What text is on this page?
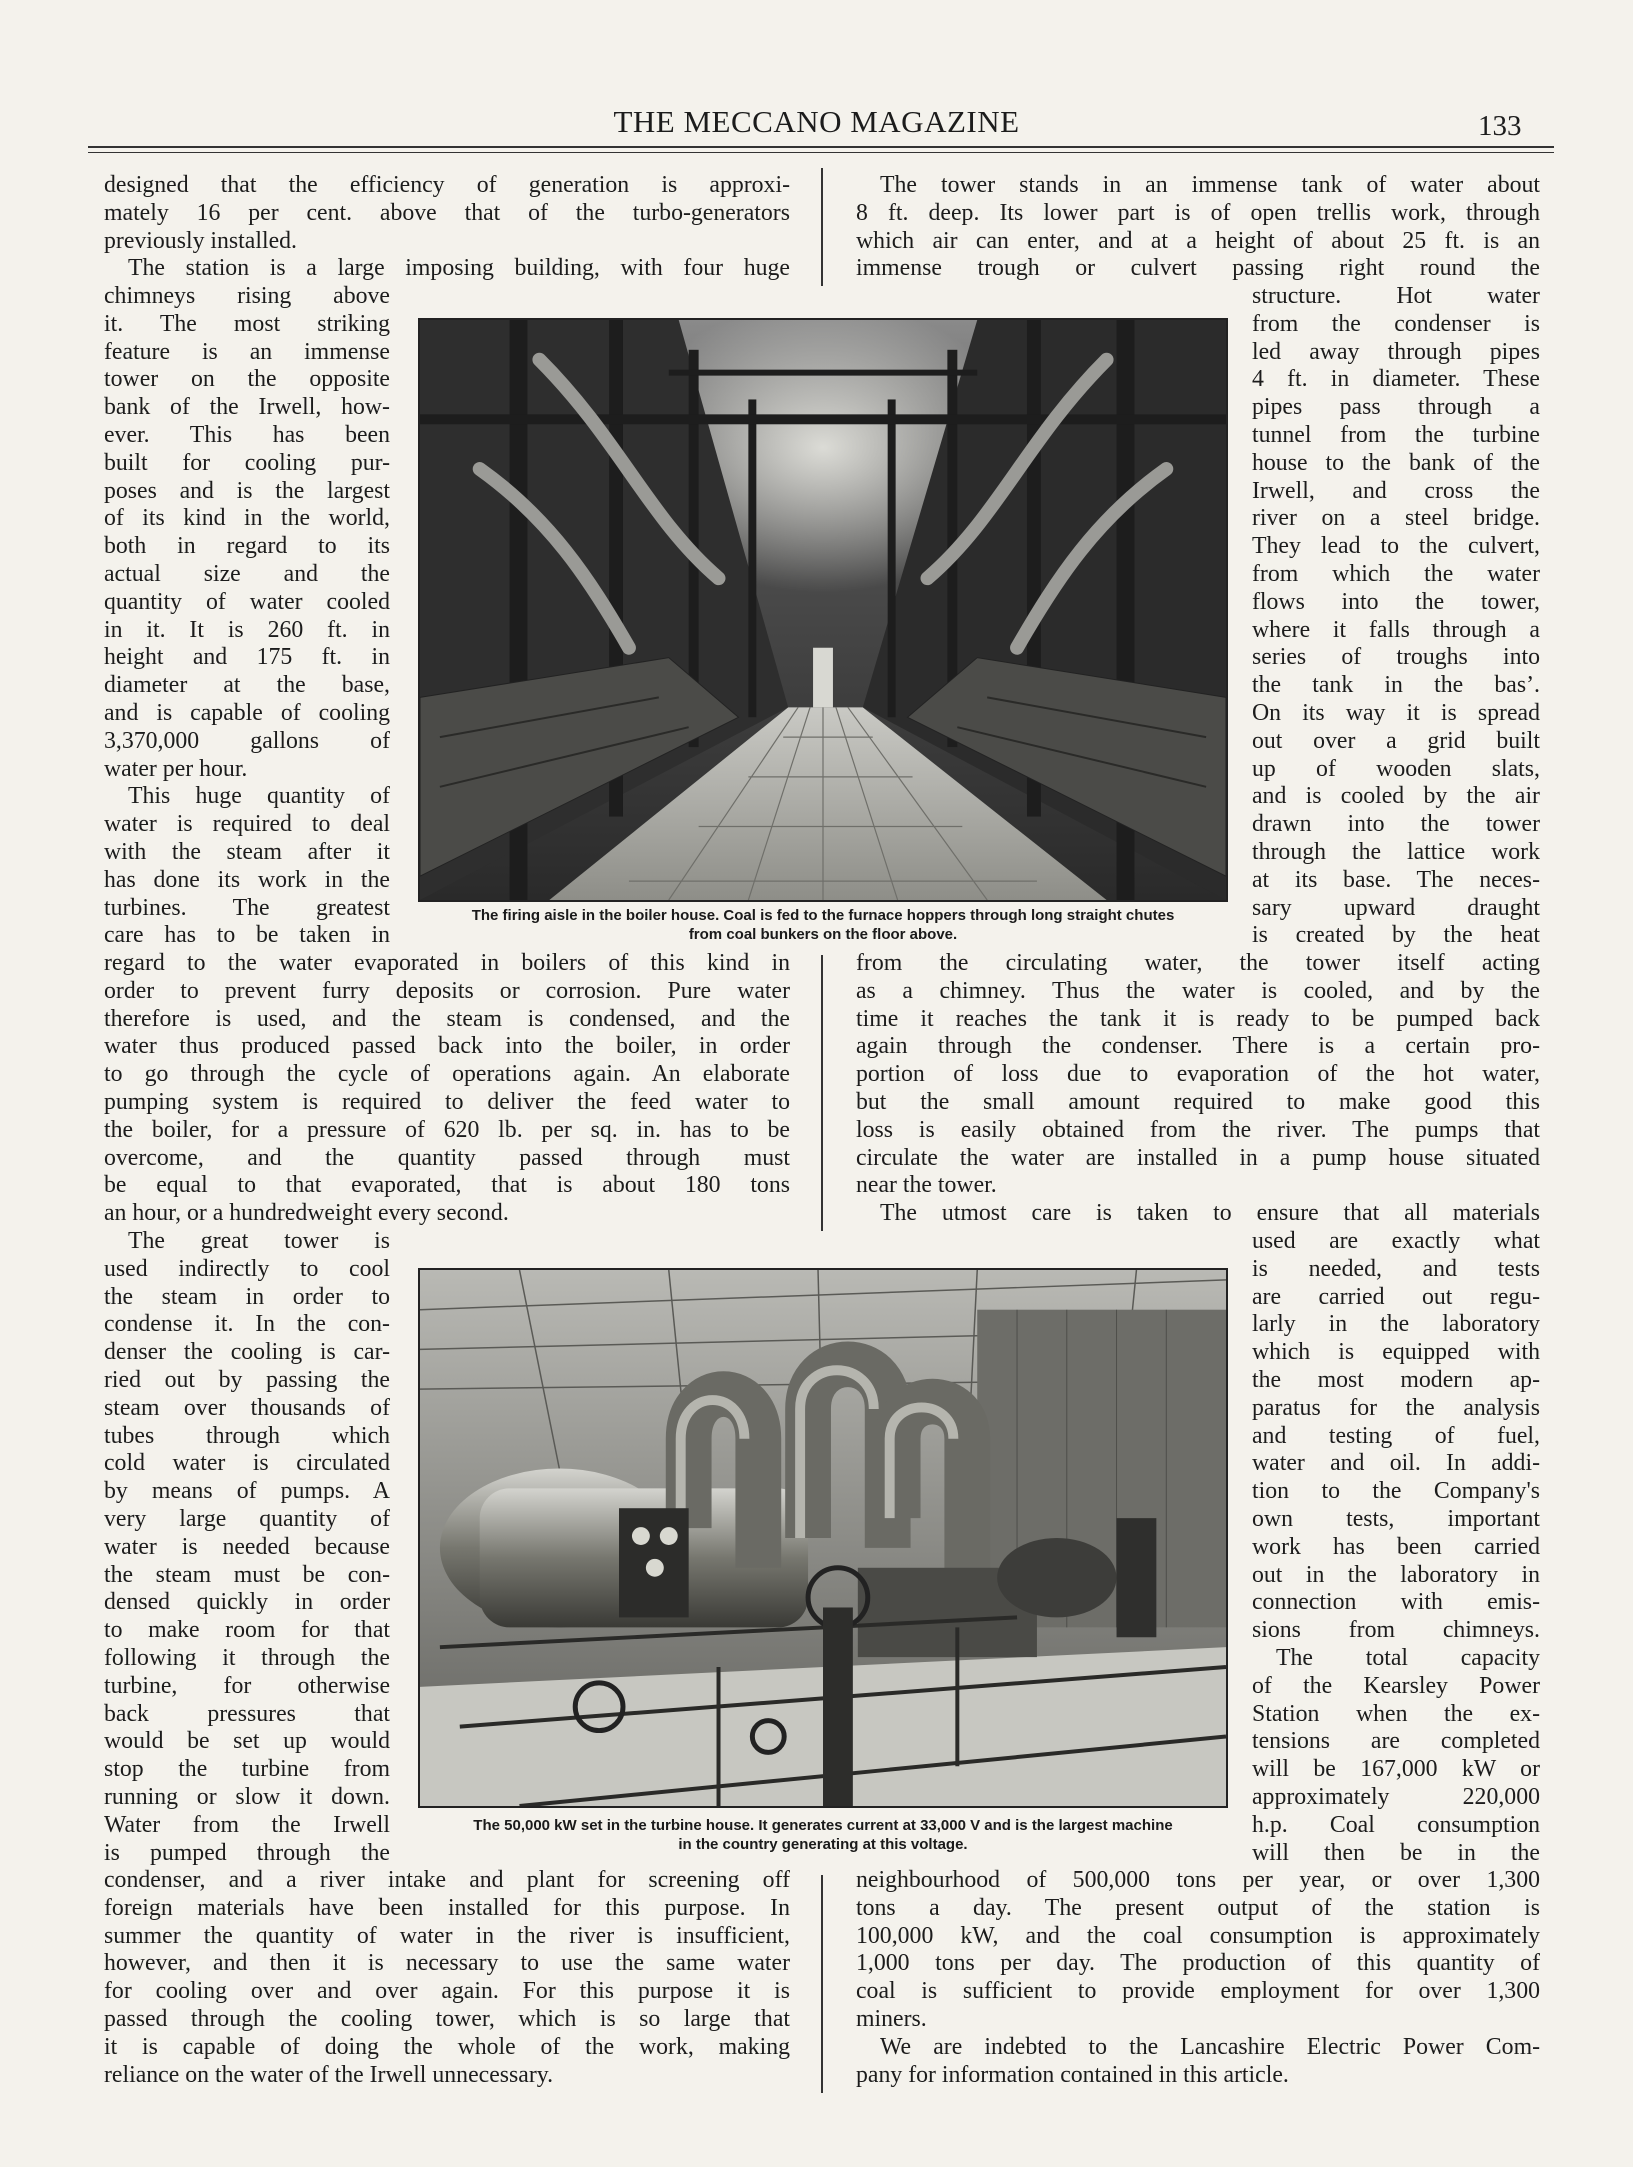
THE MECCANO MAGAZINE	133
designed that the efficiency of generation is approxi-
mately 16 per cent. above that of the turbo-generators
previously installed.
The station is a large imposing building, with four huge
chimneys rising above
it. The most striking
feature is an immense
tower on the opposite
bank of the Irwell, how-
ever. This has been
built for cooling pur-
poses and is the largest
of its kind in the world,
both in regard to its
actual size and the
quantity of water cooled
in it. It is 260 ft. in
height and 175 ft. in
diameter at the base,
and is capable of cooling
3,370,000 gallons of
water per hour.
This huge quantity of
water is required to deal
with the steam after it
has done its work in the
turbines. The greatest
care has to be taken in
regard to the water evaporated in boilers of this kind in
order to prevent furry deposits or corrosion. Pure water
therefore is used, and the steam is condensed, and the
water thus produced passed back into the boiler, in order
to go through the cycle of operations again. An elaborate
pumping system is required to deliver the feed water to
the boiler, for a pressure of 620 lb. per sq. in. has to be
overcome, and the quantity passed through must
be equal to that evaporated, that is about 180 tons
an hour, or a hundredweight every second.
The great tower is
used indirectly to cool
the steam in order to
condense it. In the con-
denser the cooling is car-
ried out by passing the
steam over thousands of
tubes through which
cold water is circulated
by means of pumps. A
very large quantity of
water is needed because
the steam must be con-
densed quickly in order
to make room for that
following it through the
turbine, for otherwise
back pressures that
would be set up would
stop the turbine from
running or slow it down.
Water from the Irwell
is pumped through the
condenser, and a river intake and plant for screening off
foreign materials have been installed for this purpose. In
summer the quantity of water in the river is insufficient,
however, and then it is necessary to use the same water
for cooling over and over again. For this purpose it is
passed through the cooling tower, which is so large that
it is capable of doing the whole of the work, making
reliance on the water of the Irwell unnecessary.
The tower stands in an immense tank of water about
8 ft. deep. Its lower part is of open trellis work, through
which air can enter, and at a height of about 25 ft. is an
immense trough or culvert passing right round the
structure. Hot water
from the condenser is
led away through pipes
4 ft. in diameter. These
pipes pass through a
tunnel from the turbine
house to the bank of the
Irwell, and cross the
river on a steel bridge.
They lead to the culvert,
from which the water
flows into the tower,
where it falls through a
series of troughs into
the tank in the basʼ.
On its way it is spread
out over a grid built
up of wooden slats,
and is cooled by the air
drawn into the tower
through the lattice work
at its base. The neces-
sary upward draught
is created by the heat
from the circulating water, the tower itself acting
as a chimney. Thus the water is cooled, and by the
time it reaches the tank it is ready to be pumped back
again through the condenser. There is a certain pro-
portion of loss due to evaporation of the hot water,
but the small amount required to make good this
loss is easily obtained from the river. The pumps that
circulate the water are installed in a pump house situated
near the tower.
The utmost care is taken to ensure that all materials
used are exactly what
is needed, and tests
are carried out regu-
larly in the laboratory
which is equipped with
the most modern ap-
paratus for the analysis
and testing of fuel,
water and oil. In addi-
tion to the Company's
own tests, important
work has been carried
out in the laboratory in
connection with emis-
sions from chimneys.
The total capacity
of the Kearsley Power
Station when the ex-
tensions are completed
will be 167,000 kW or
approximately 220,000
h.p. Coal consumption
will then be in the
neighbourhood of 500,000 tons per year, or over 1,300
tons a day. The present output of the station is
100,000 kW, and the coal consumption is approximately
1,000 tons per day. The production of this quantity of
coal is sufficient to provide employment for over 1,300
miners.
We are indebted to the Lancashire Electric Power Com-
pany for information contained in this article.
The firing aisle in the boiler house. Coal is fed to the furnace hoppers through long straight chutes
from coal bunkers on the floor above.
The 50,000 kW set in the turbine house. It generates current at 33,000 V and is the largest machine
in the country generating at this voltage.
